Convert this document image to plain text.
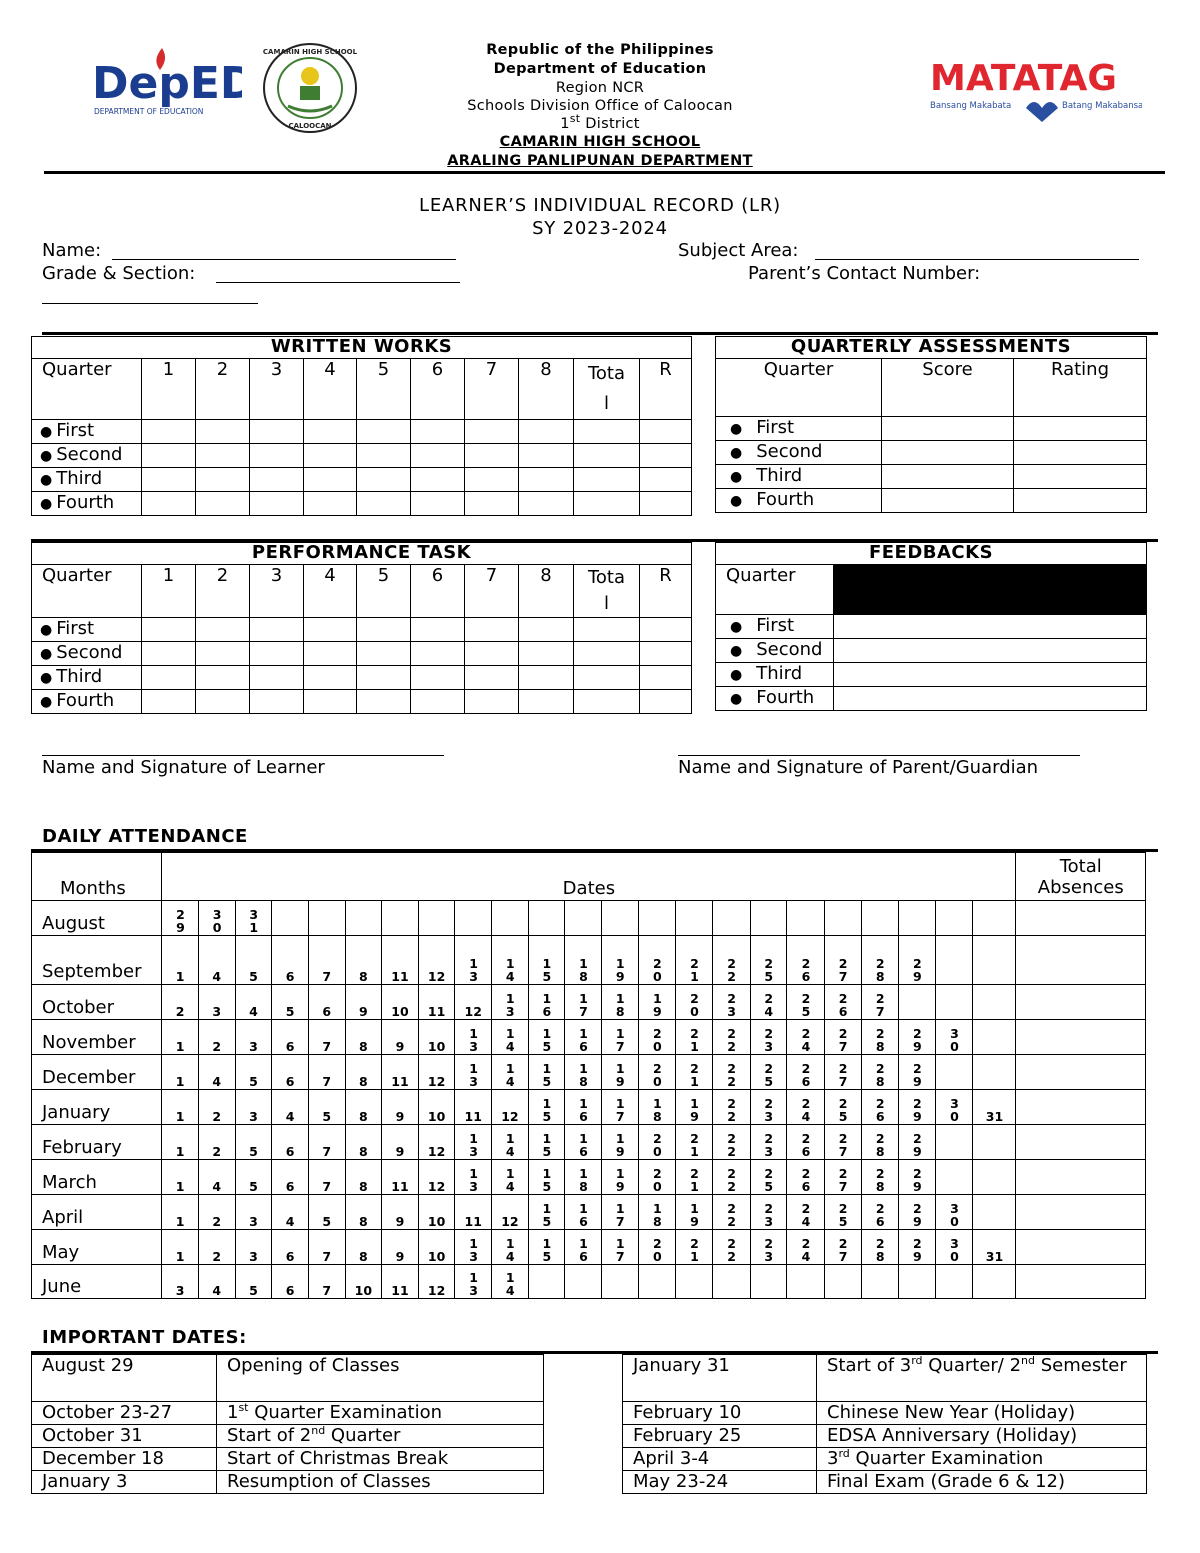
DepED
DEPARTMENT OF EDUCATION
CAMARIN HIGH SCHOOL
CALOOCAN
MATATAG
Bansang Makabata	Batang Makabansa
Republic of the Philippines
Department of Education
Region NCR
Schools Division Office of Caloocan
1st District
CAMARIN HIGH SCHOOL
ARALING PANLIPUNAN DEPARTMENT
LEARNER’S INDIVIDUAL RECORD (LR)
SY 2023-2024
Name:	Subject Area:
Grade & Section:	Parent’s Contact Number:
WRITTEN WORKS										
Quarter	1	2	3	4	5	6	7	8	Tota l	R
● First										
● Second										
● Third										
● Fourth										
QUARTERLY ASSESSMENTS		
Quarter	Score	Rating
● First		
● Second		
● Third		
● Fourth		
PERFORMANCE TASK										
Quarter	1	2	3	4	5	6	7	8	Tota l	R
● First										
● Second										
● Third										
● Fourth										
FEEDBACKS	
Quarter	
● First	
● Second	
● Third	
● Fourth	
Name and Signature of Learner	Name and Signature of Parent/Guardian
DAILY ATTENDANCE
Months	Dates																							Total Absences
August	29	30	31																					

September	1	4	5	6	7	8	11	12	13	14	15	18	19	20	21	22	25	26	27	28	29			

October	2	3	4	5	6	9	10	11	12	13	16	17	18	19	20	23	24	25	26	27				

November	1	2	3	6	7	8	9	10	13	14	15	16	17	20	21	22	23	24	27	28	29	30		

December	1	4	5	6	7	8	11	12	13	14	15	18	19	20	21	22	25	26	27	28	29			

January	1	2	3	4	5	8	9	10	11	12	15	16	17	18	19	22	23	24	25	26	29	30	31	

February	1	2	5	6	7	8	9	12	13	14	15	16	19	20	21	22	23	26	27	28	29			

March	1	4	5	6	7	8	11	12	13	14	15	18	19	20	21	22	25	26	27	28	29			

April	1	2	3	4	5	8	9	10	11	12	15	16	17	18	19	22	23	24	25	26	29	30		

May	1	2	3	6	7	8	9	10	13	14	15	16	17	20	21	22	23	24	27	28	29	30	31	

June	3	4	5	6	7	10	11	12	13	14														

IMPORTANT DATES:
August 29	Opening of Classes
October 23-27	1st Quarter Examination
October 31	Start of 2nd Quarter
December 18	Start of Christmas Break
January 3	Resumption of Classes
January 31	Start of 3rd Quarter/ 2nd Semester
February 10	Chinese New Year (Holiday)
February 25	EDSA Anniversary (Holiday)
April 3-4	3rd Quarter Examination
May 23-24	Final Exam (Grade 6 & 12)
